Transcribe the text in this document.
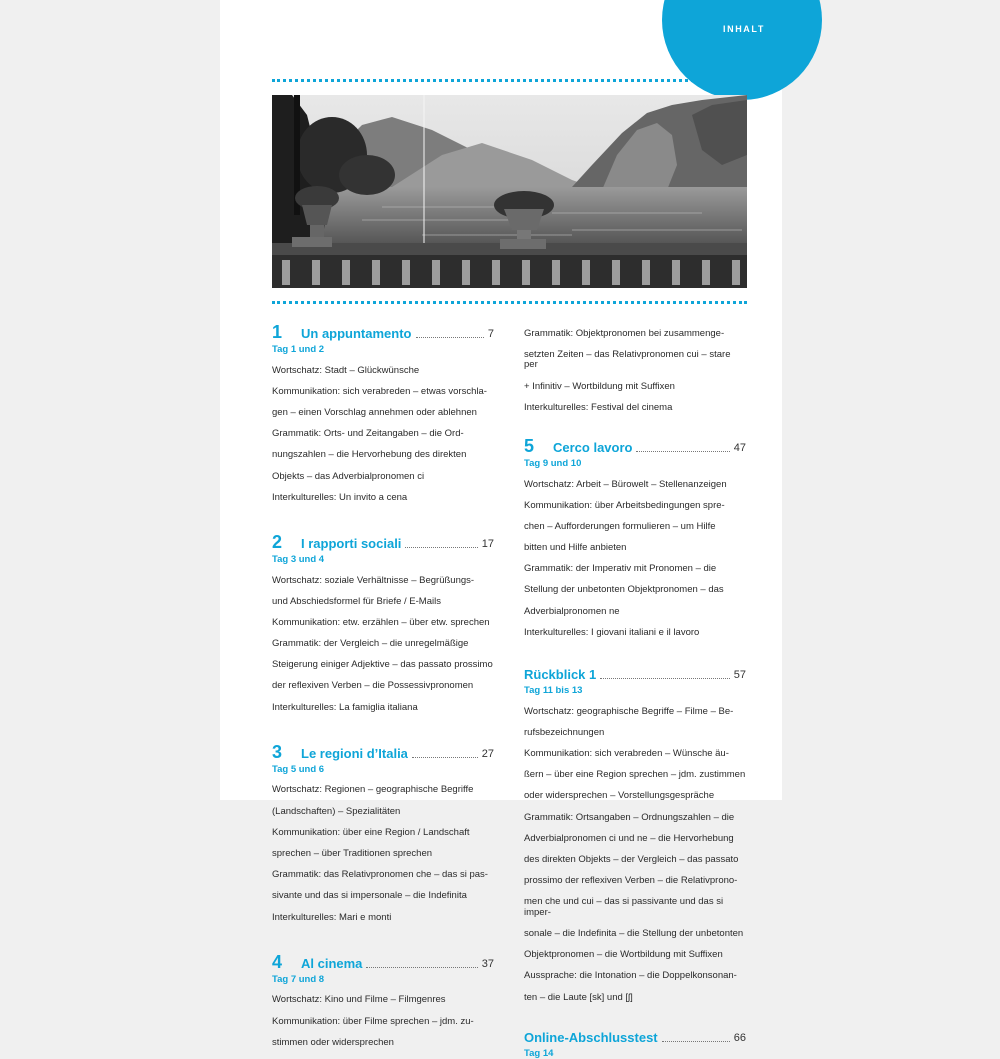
INHALT
1	Un appuntamento	7
Tag 1 und 2

Wortschatz: Stadt – Glückwünsche

Kommunikation: sich verabreden – etwas vorschla-

gen – einen Vorschlag annehmen oder ablehnen

Grammatik: Orts- und Zeitangaben – die Ord-

nungszahlen – die Hervorhebung des direkten

Objekts – das Adverbialpronomen ci

Interkulturelles: Un invito a cena

2	I rapporti sociali	17
Tag 3 und 4

Wortschatz: soziale Verhältnisse – Begrüßungs-

und Abschiedsformel für Briefe / E-Mails

Kommunikation: etw. erzählen – über etw. sprechen

Grammatik: der Vergleich – die unregelmäßige

Steigerung einiger Adjektive – das passato prossimo

der reflexiven Verben – die Possessivpronomen

Interkulturelles: La famiglia italiana

3	Le regioni d’Italia	27
Tag 5 und 6

Wortschatz: Regionen – geographische Begriffe

(Landschaften) – Spezialitäten

Kommunikation: über eine Region / Landschaft

sprechen – über Traditionen sprechen

Grammatik: das Relativpronomen che – das si pas-

sivante und das si impersonale – die Indefinita

Interkulturelles: Mari e monti

4	Al cinema	37
Tag 7 und 8

Wortschatz: Kino und Filme – Filmgenres

Kommunikation: über Filme sprechen – jdm. zu-

stimmen oder widersprechen

Grammatik: Objektpronomen bei zusammenge-

setzten Zeiten – das Relativpronomen cui – stare per

+ Infinitiv – Wortbildung mit Suffixen

Interkulturelles: Festival del cinema

5	Cerco lavoro	47
Tag 9 und 10

Wortschatz: Arbeit – Bürowelt – Stellenanzeigen

Kommunikation: über Arbeitsbedingungen spre-

chen – Aufforderungen formulieren – um Hilfe

bitten und Hilfe anbieten

Grammatik: der Imperativ mit Pronomen – die

Stellung der unbetonten Objektpronomen – das

Adverbialpronomen ne

Interkulturelles: I giovani italiani e il lavoro

Rückblick 1	57
Tag 11 bis 13

Wortschatz: geographische Begriffe – Filme – Be-

rufsbezeichnungen

Kommunikation: sich verabreden – Wünsche äu-

ßern – über eine Region sprechen – jdm. zustimmen

oder widersprechen – Vorstellungsgespräche

Grammatik: Ortsangaben – Ordnungszahlen – die

Adverbialpronomen ci und ne – die Hervorhebung

des direkten Objekts – der Vergleich – das passato

prossimo der reflexiven Verben – die Relativprono-

men che und cui – das si passivante und das si imper-

sonale – die Indefinita – die Stellung der unbetonten

Objektpronomen – die Wortbildung mit Suffixen

Aussprache: die Intonation – die Doppelkonsonan-

ten – die Laute [sk] und [ʃ]

Online-Abschlusstest	66
Tag 14
